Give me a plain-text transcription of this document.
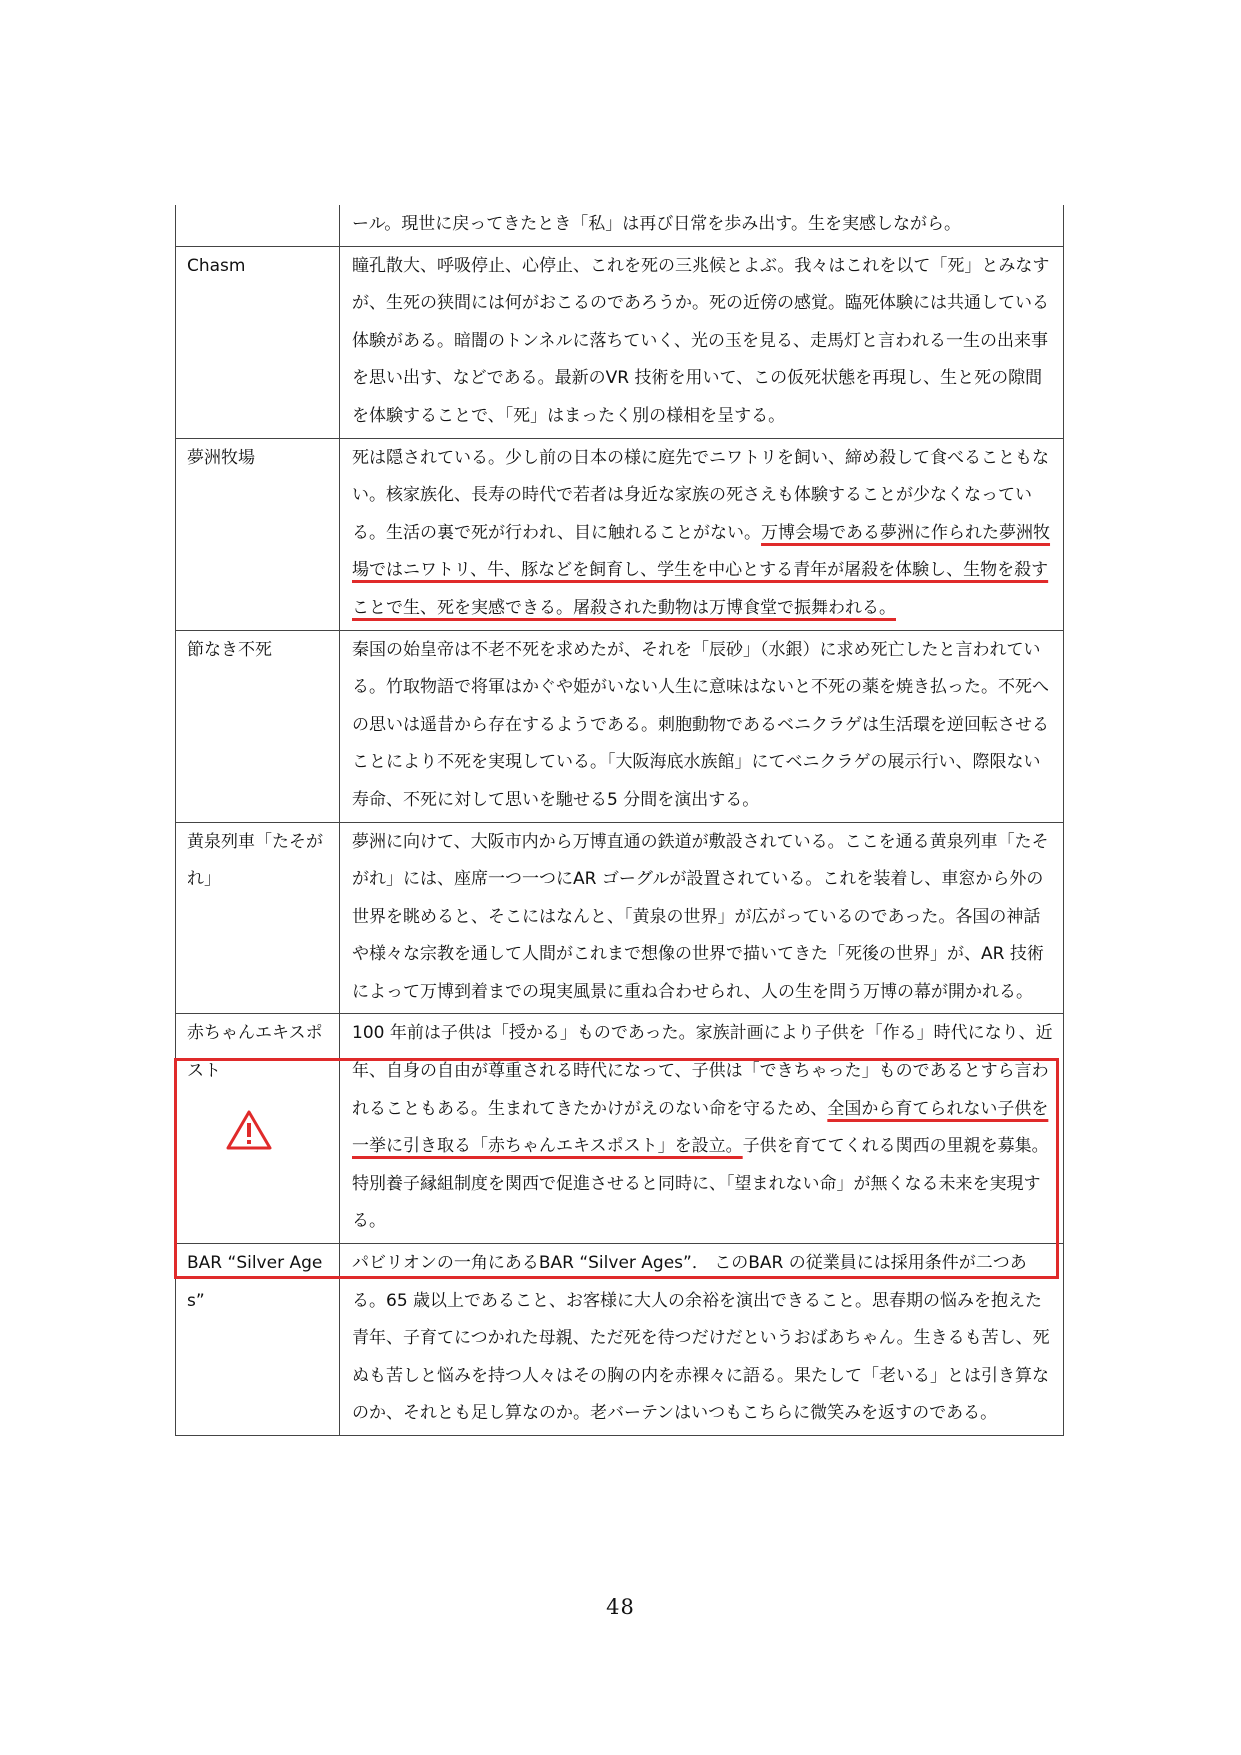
	ール。現世に戻ってきたとき「私」は再び日常を歩み出す。生を実感しながら。
Chasm	瞳孔散大、呼吸停止、心停止、これを死の三兆候とよぶ。我々はこれを以て「死」とみなすが、生死の狭間には何がおこるのであろうか。死の近傍の感覚。臨死体験には共通している体験がある。暗闇のトンネルに落ちていく、光の玉を見る、走馬灯と言われる一生の出来事を思い出す、などである。最新のVR 技術を用いて、この仮死状態を再現し、生と死の隙間を体験することで、「死」はまったく別の様相を呈する。
夢洲牧場	死は隠されている。少し前の日本の様に庭先でニワトリを飼い、締め殺して食べることもない。核家族化、長寿の時代で若者は身近な家族の死さえも体験することが少なくなっている。生活の裏で死が行われ、目に触れることがない。万博会場である夢洲に作られた夢洲牧場ではニワトリ、牛、豚などを飼育し、学生を中心とする青年が屠殺を体験し、生物を殺すことで生、死を実感できる。屠殺された動物は万博食堂で振舞われる。
節なき不死	秦国の始皇帝は不老不死を求めたが、それを「辰砂」（水銀）に求め死亡したと言われている。竹取物語で将軍はかぐや姫がいない人生に意味はないと不死の薬を焼き払った。不死への思いは遥昔から存在するようである。刺胞動物であるベニクラゲは生活環を逆回転させることにより不死を実現している。「大阪海底水族館」にてベニクラゲの展示行い、際限ない寿命、不死に対して思いを馳せる5 分間を演出する。
黄泉列車「たそがれ」	夢洲に向けて、大阪市内から万博直通の鉄道が敷設されている。ここを通る黄泉列車「たそがれ」には、座席一つ一つにAR ゴーグルが設置されている。これを装着し、車窓から外の世界を眺めると、そこにはなんと、「黄泉の世界」が広がっているのであった。各国の神話や様々な宗教を通して人間がこれまで想像の世界で描いてきた「死後の世界」が、AR 技術によって万博到着までの現実風景に重ね合わせられ、人の生を問う万博の幕が開かれる。

赤ちゃんエキスポスト	100 年前は子供は「授かる」ものであった。家族計画により子供を「作る」時代になり、近年、自身の自由が尊重される時代になって、子供は「できちゃった」ものであるとすら言われることもある。生まれてきたかけがえのない命を守るため、全国から育てられない子供を一挙に引き取る「赤ちゃんエキスポスト」を設立。子供を育ててくれる関西の里親を募集。特別養子縁組制度を関西で促進させると同時に、「望まれない命」が無くなる未来を実現する。
BAR “Silver Ages”	パビリオンの一角にあるBAR “Silver Ages”． このBAR の従業員には採用条件が二つある。65 歳以上であること、お客様に大人の余裕を演出できること。思春期の悩みを抱えた青年、子育てにつかれた母親、ただ死を待つだけだというおばあちゃん。生きるも苦し、死ぬも苦しと悩みを持つ人々はその胸の内を赤裸々に語る。果たして「老いる」とは引き算なのか、それとも足し算なのか。老バーテンはいつもこちらに微笑みを返すのである。
48
